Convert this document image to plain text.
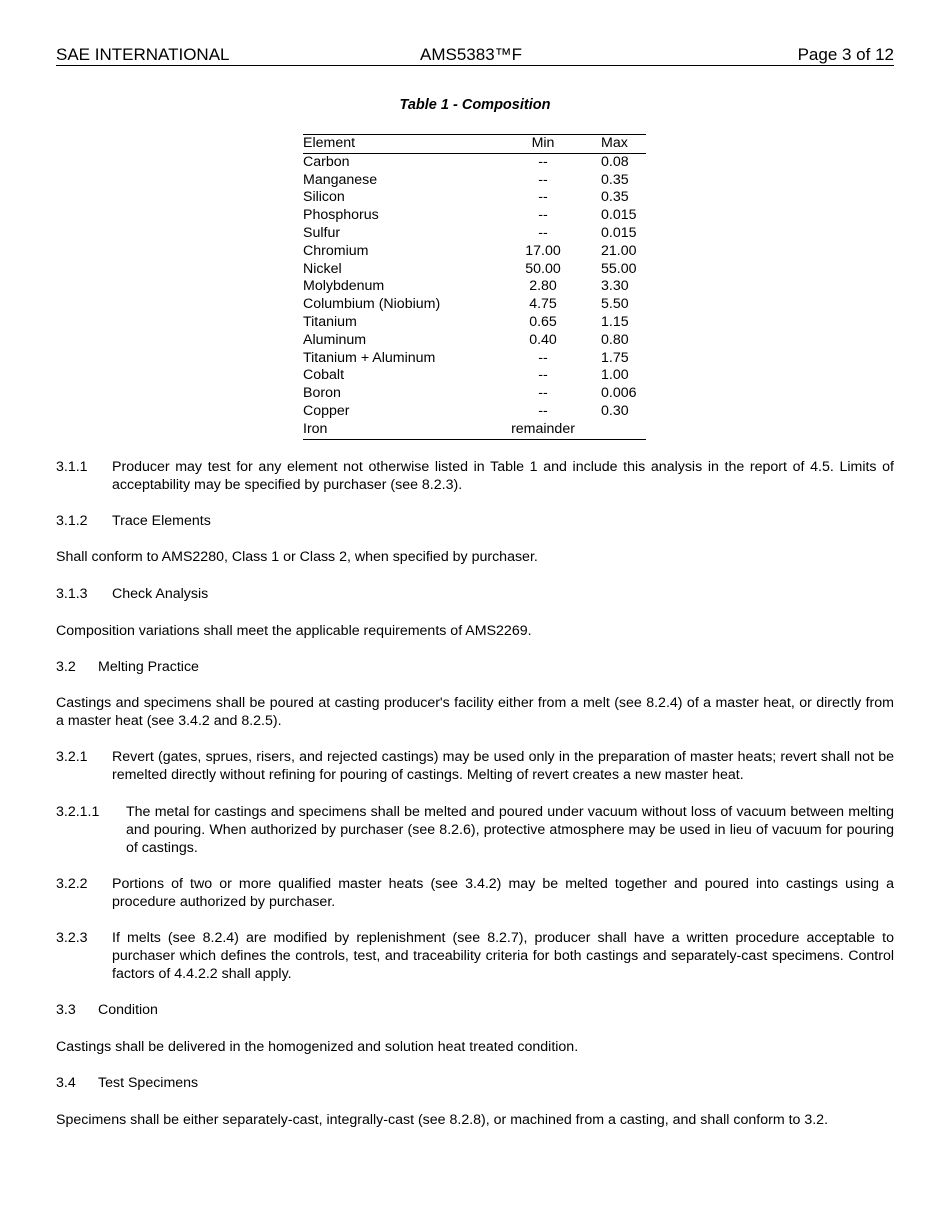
SAE INTERNATIONAL	AMS5383™F	Page 3 of 12
Table 1 - Composition
Element	Min	Max
Carbon	--	0.08
Manganese	--	0.35
Silicon	--	0.35
Phosphorus	--	0.015
Sulfur	--	0.015
Chromium	17.00	21.00
Nickel	50.00	55.00
Molybdenum	2.80	3.30
Columbium (Niobium)	4.75	5.50
Titanium	0.65	1.15
Aluminum	0.40	0.80
Titanium + Aluminum	--	1.75
Cobalt	--	1.00
Boron	--	0.006
Copper	--	0.30
Iron	remainder	
3.1.1 Producer may test for any element not otherwise listed in Table 1 and include this analysis in the report of 4.5. Limits of acceptability may be specified by purchaser (see 8.2.3).
3.1.2 Trace Elements
Shall conform to AMS2280, Class 1 or Class 2, when specified by purchaser.
3.1.3 Check Analysis
Composition variations shall meet the applicable requirements of AMS2269.
3.2 Melting Practice
Castings and specimens shall be poured at casting producer's facility either from a melt (see 8.2.4) of a master heat, or directly from a master heat (see 3.4.2 and 8.2.5).
3.2.1 Revert (gates, sprues, risers, and rejected castings) may be used only in the preparation of master heats; revert shall not be remelted directly without refining for pouring of castings. Melting of revert creates a new master heat.
3.2.1.1 The metal for castings and specimens shall be melted and poured under vacuum without loss of vacuum between melting and pouring. When authorized by purchaser (see 8.2.6), protective atmosphere may be used in lieu of vacuum for pouring of castings.
3.2.2 Portions of two or more qualified master heats (see 3.4.2) may be melted together and poured into castings using a procedure authorized by purchaser.
3.2.3 If melts (see 8.2.4) are modified by replenishment (see 8.2.7), producer shall have a written procedure acceptable to purchaser which defines the controls, test, and traceability criteria for both castings and separately-cast specimens. Control factors of 4.4.2.2 shall apply.
3.3 Condition
Castings shall be delivered in the homogenized and solution heat treated condition.
3.4 Test Specimens
Specimens shall be either separately-cast, integrally-cast (see 8.2.8), or machined from a casting, and shall conform to 3.2.
